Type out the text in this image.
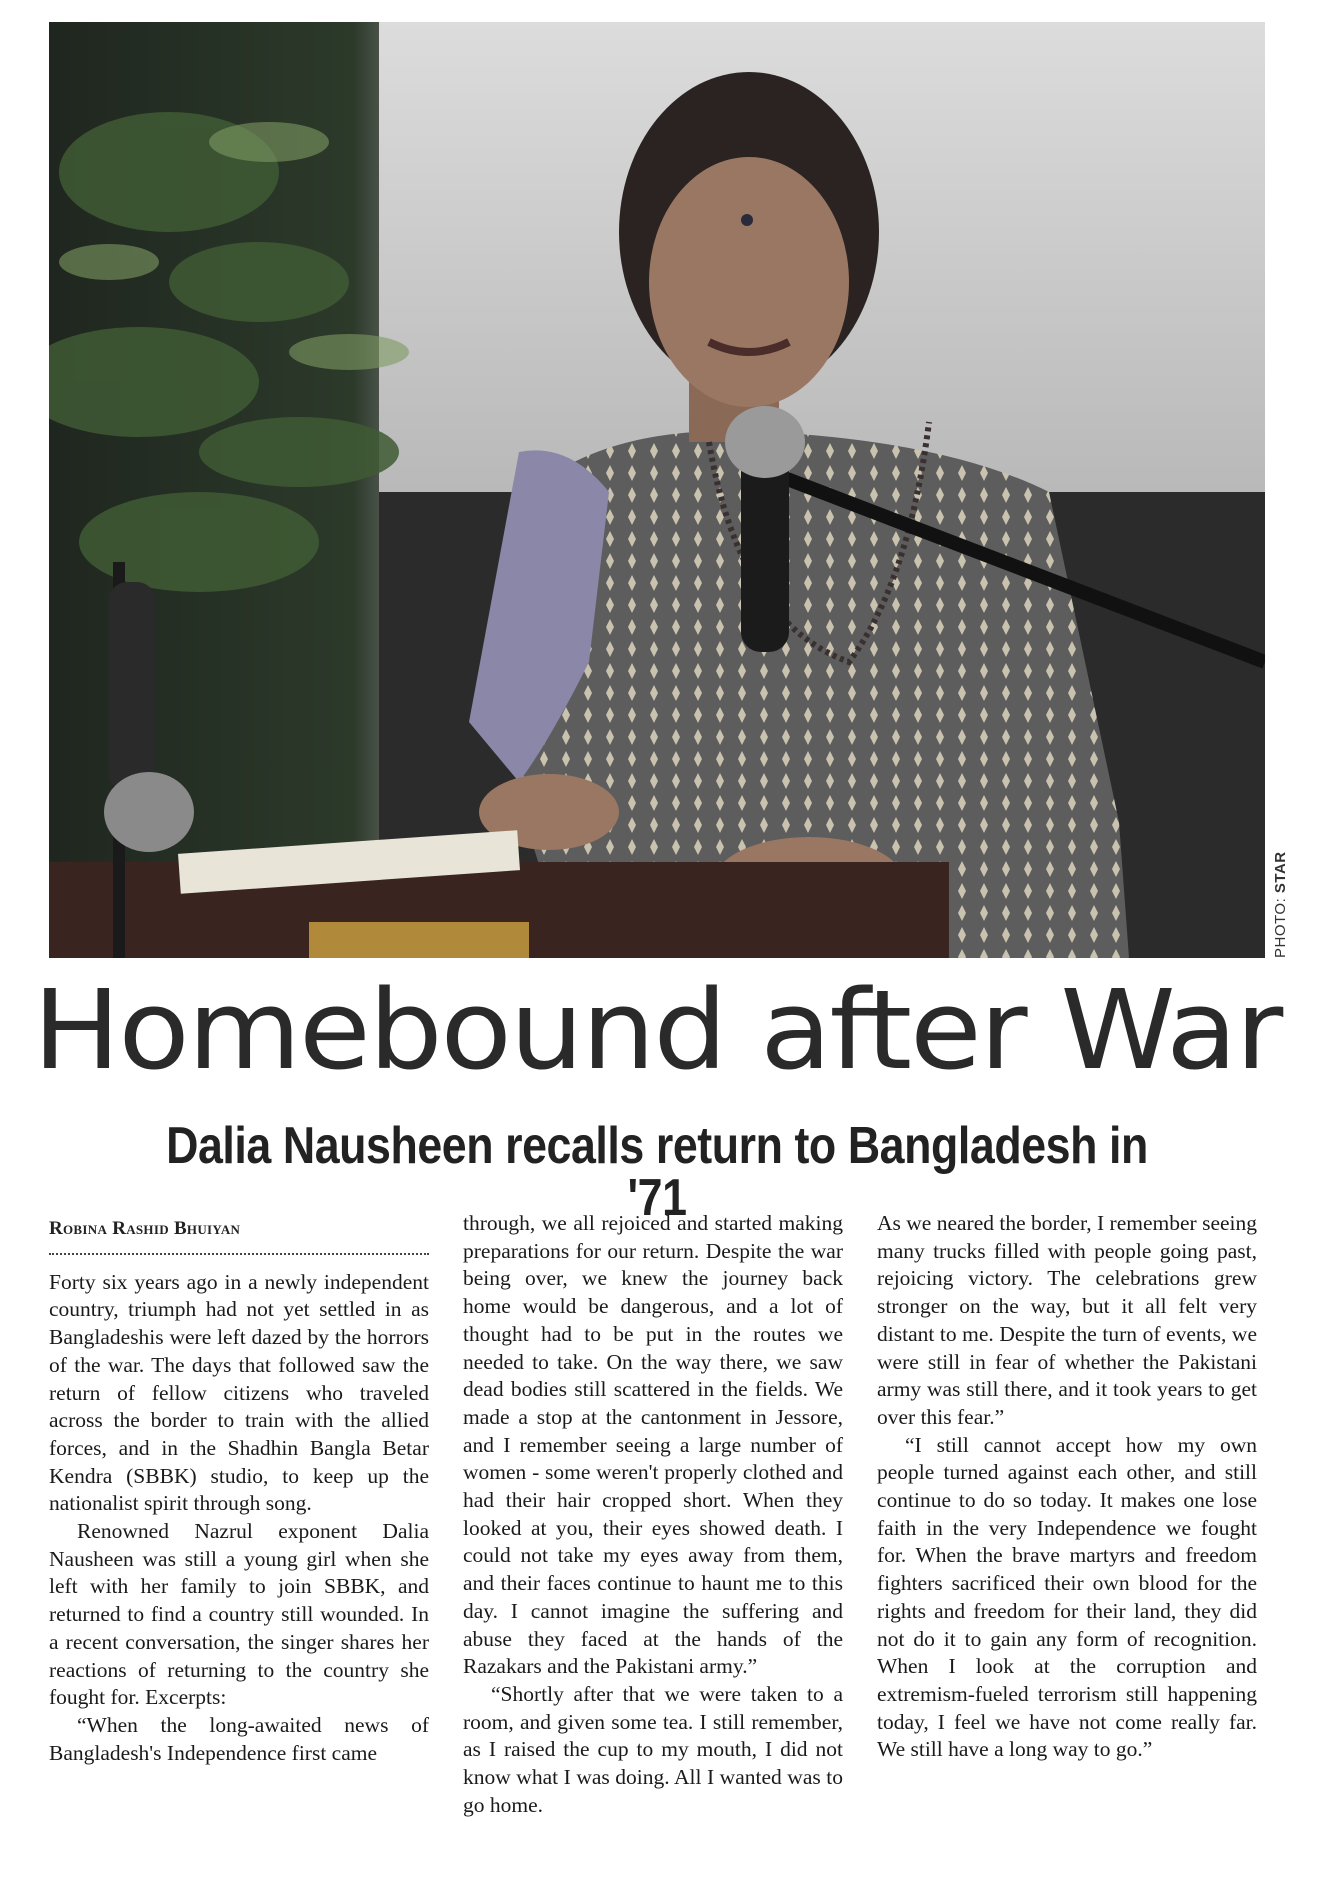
PHOTO: STAR
Homebound after War
Dalia Nausheen recalls return to Bangladesh in '71
Robina Rashid Bhuiyan

Forty six years ago in a newly independent country, triumph had not yet settled in as Bangladeshis were left dazed by the horrors of the war. The days that followed saw the return of fellow citizens who traveled across the border to train with the allied forces, and in the Shadhin Bangla Betar Kendra (SBBK) studio, to keep up the nationalist spirit through song.

Renowned Nazrul exponent Dalia Nausheen was still a young girl when she left with her family to join SBBK, and returned to find a country still wounded. In a recent conversation, the singer shares her reactions of returning to the country she fought for. Excerpts:

“When the long-awaited news of Bangladesh's Independence first came

through, we all rejoiced and started making preparations for our return. Despite the war being over, we knew the journey back home would be dangerous, and a lot of thought had to be put in the routes we needed to take. On the way there, we saw dead bodies still scattered in the fields. We made a stop at the cantonment in Jessore, and I remember seeing a large number of women - some weren't properly clothed and had their hair cropped short. When they looked at you, their eyes showed death. I could not take my eyes away from them, and their faces continue to haunt me to this day. I cannot imagine the suffering and abuse they faced at the hands of the Razakars and the Pakistani army.”

“Shortly after that we were taken to a room, and given some tea. I still remember, as I raised the cup to my mouth, I did not know what I was doing. All I wanted was to go home.

As we neared the border, I remember seeing many trucks filled with people going past, rejoicing victory. The celebrations grew stronger on the way, but it all felt very distant to me. Despite the turn of events, we were still in fear of whether the Pakistani army was still there, and it took years to get over this fear.”

“I still cannot accept how my own people turned against each other, and still continue to do so today. It makes one lose faith in the very Independence we fought for. When the brave martyrs and freedom fighters sacrificed their own blood for the rights and freedom for their land, they did not do it to gain any form of recognition. When I look at the corruption and extremism-fueled terrorism still happening today, I feel we have not come really far. We still have a long way to go.”
